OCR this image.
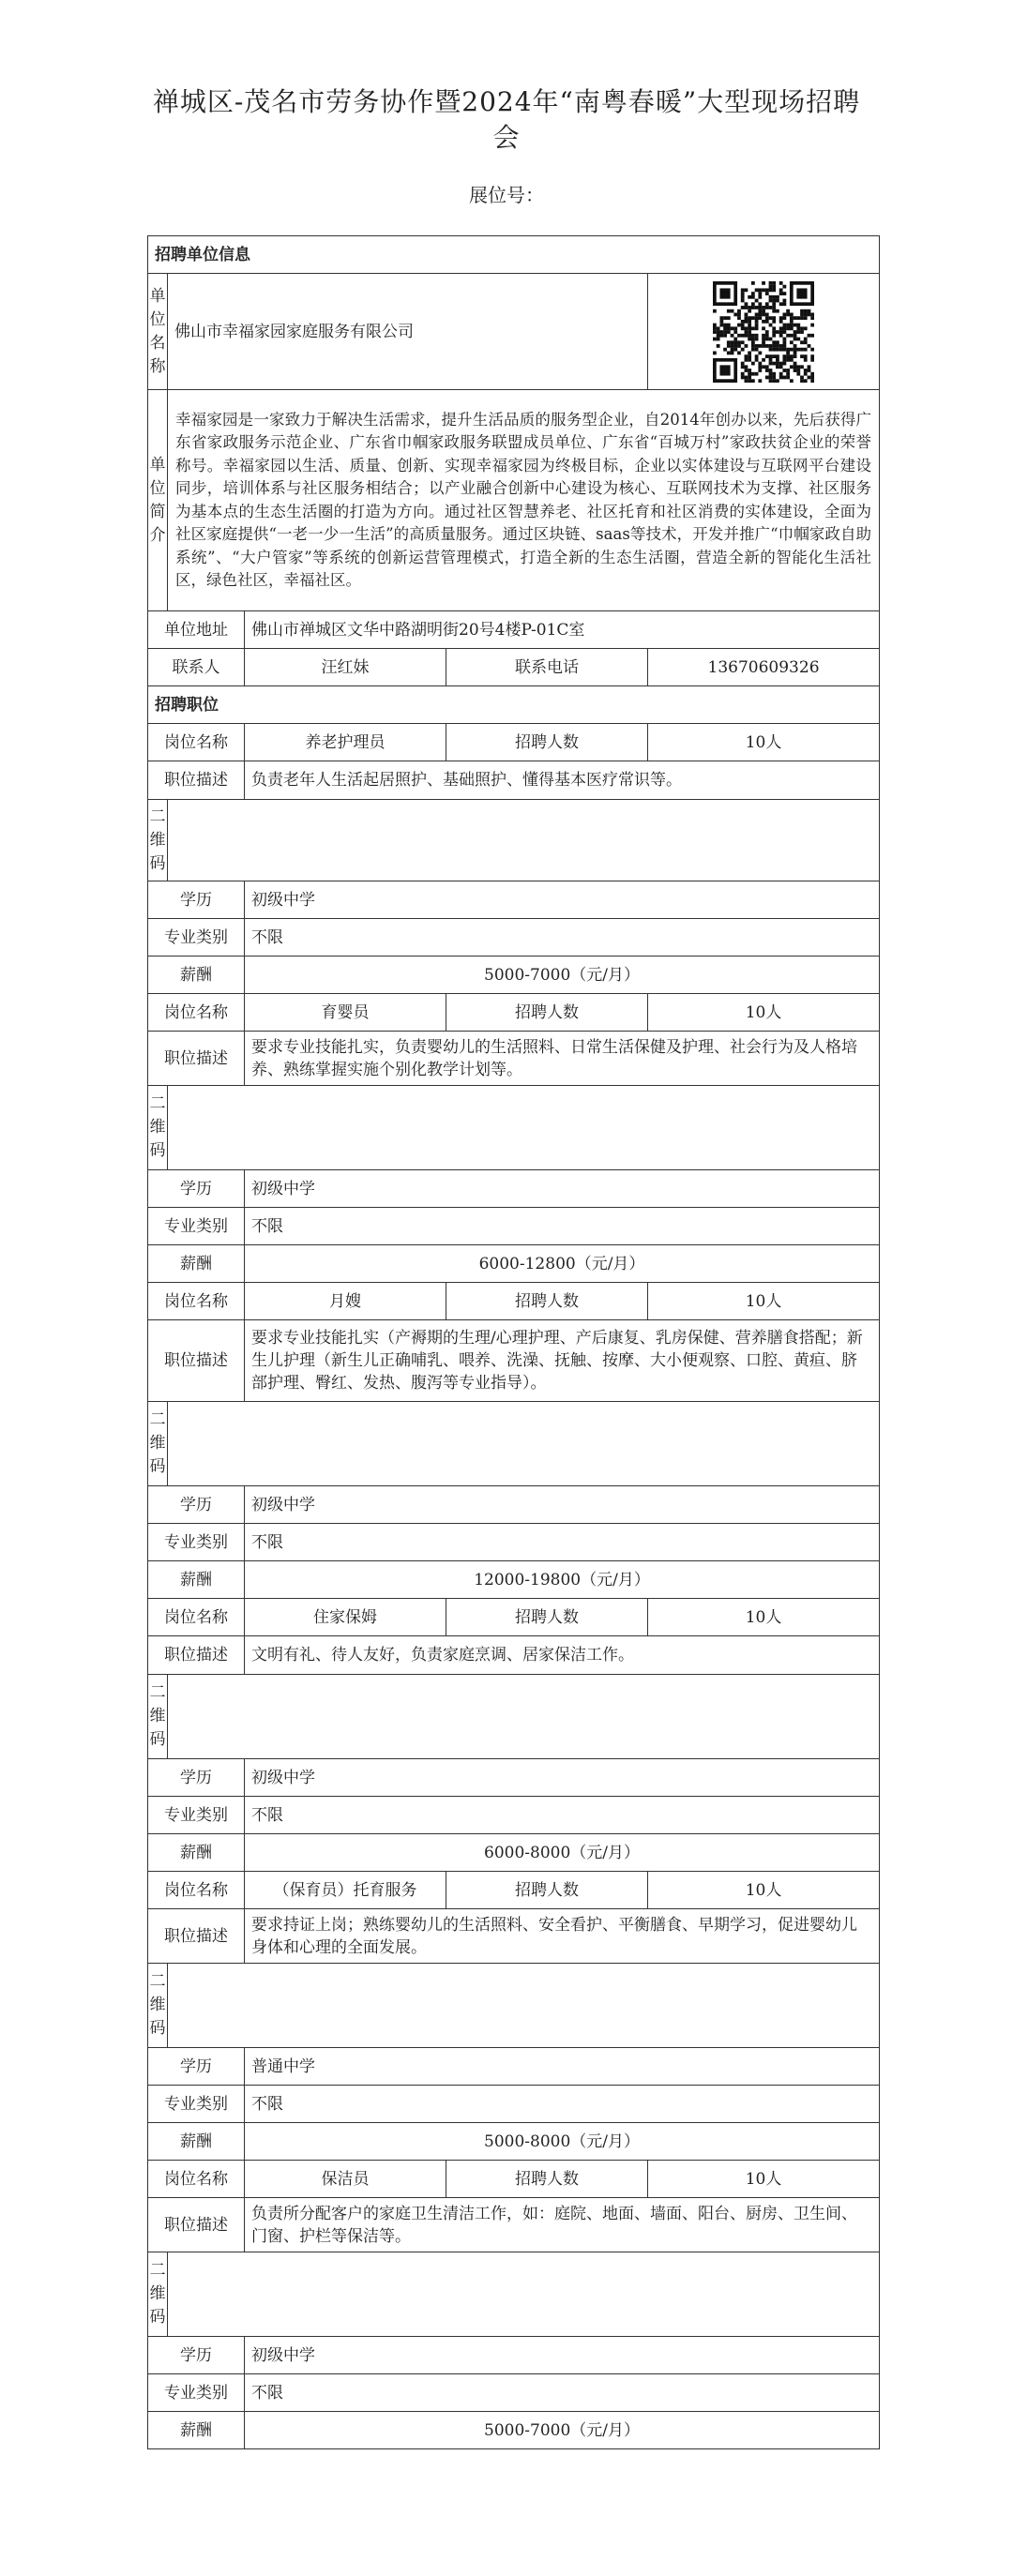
禅城区-茂名市劳务协作暨2024年“南粤春暖”大型现场招聘会
展位号：
招聘单位信息				
单位名称	佛山市幸福家园家庭服务有限公司	

单位简介	幸福家园是一家致力于解决生活需求，提升生活品质的服务型企业，自2014年创办以来，先后获得广东省家政服务示范企业、广东省巾帼家政服务联盟成员单位、广东省“百城万村”家政扶贫企业的荣誉称号。幸福家园以生活、质量、创新、实现幸福家园为终极目标，企业以实体建设与互联网平台建设同步，培训体系与社区服务相结合；以产业融合创新中心建设为核心、互联网技术为支撑、社区服务为基本点的生态生活圈的打造为方向。通过社区智慧养老、社区托育和社区消费的实体建设，全面为社区家庭提供“一老一少一生活”的高质量服务。通过区块链、saas等技术，开发并推广“巾帼家政自助系统”、“大户管家”等系统的创新运营管理模式，打造全新的生态生活圈，营造全新的智能化生活社区，绿色社区，幸福社区。			
单位地址		佛山市禅城区文华中路湖明街20号4楼P-01C室		
联系人		汪红妹	联系电话	13670609326
招聘职位				
岗位名称		养老护理员	招聘人数	10人
职位描述		负责老年人生活起居照护、基础照护、懂得基本医疗常识等。		
二维码				
学历		初级中学		
专业类别		不限		
薪酬		5000-7000（元/月）		
岗位名称		育婴员	招聘人数	10人
职位描述		要求专业技能扎实，负责婴幼儿的生活照料、日常生活保健及护理、社会行为及人格培养、熟练掌握实施个别化教学计划等。		
二维码				
学历		初级中学		
专业类别		不限		
薪酬		6000-12800（元/月）		
岗位名称		月嫂	招聘人数	10人
职位描述		要求专业技能扎实（产褥期的生理/心理护理、产后康复、乳房保健、营养膳食搭配；新生儿护理（新生儿正确哺乳、喂养、洗澡、抚触、按摩、大小便观察、口腔、黄疸、脐部护理、臀红、发热、腹泻等专业指导）。		
二维码				
学历		初级中学		
专业类别		不限		
薪酬		12000-19800（元/月）		
岗位名称		住家保姆	招聘人数	10人
职位描述		文明有礼、待人友好，负责家庭烹调、居家保洁工作。		
二维码				
学历		初级中学		
专业类别		不限		
薪酬		6000-8000（元/月）		
岗位名称		（保育员）托育服务	招聘人数	10人
职位描述		要求持证上岗；熟练婴幼儿的生活照料、安全看护、平衡膳食、早期学习，促进婴幼儿身体和心理的全面发展。		
二维码				
学历		普通中学		
专业类别		不限		
薪酬		5000-8000（元/月）		
岗位名称		保洁员	招聘人数	10人
职位描述		负责所分配客户的家庭卫生清洁工作，如：庭院、地面、墙面、阳台、厨房、卫生间、门窗、护栏等保洁等。		
二维码				
学历		初级中学		
专业类别		不限		
薪酬		5000-7000（元/月）		
